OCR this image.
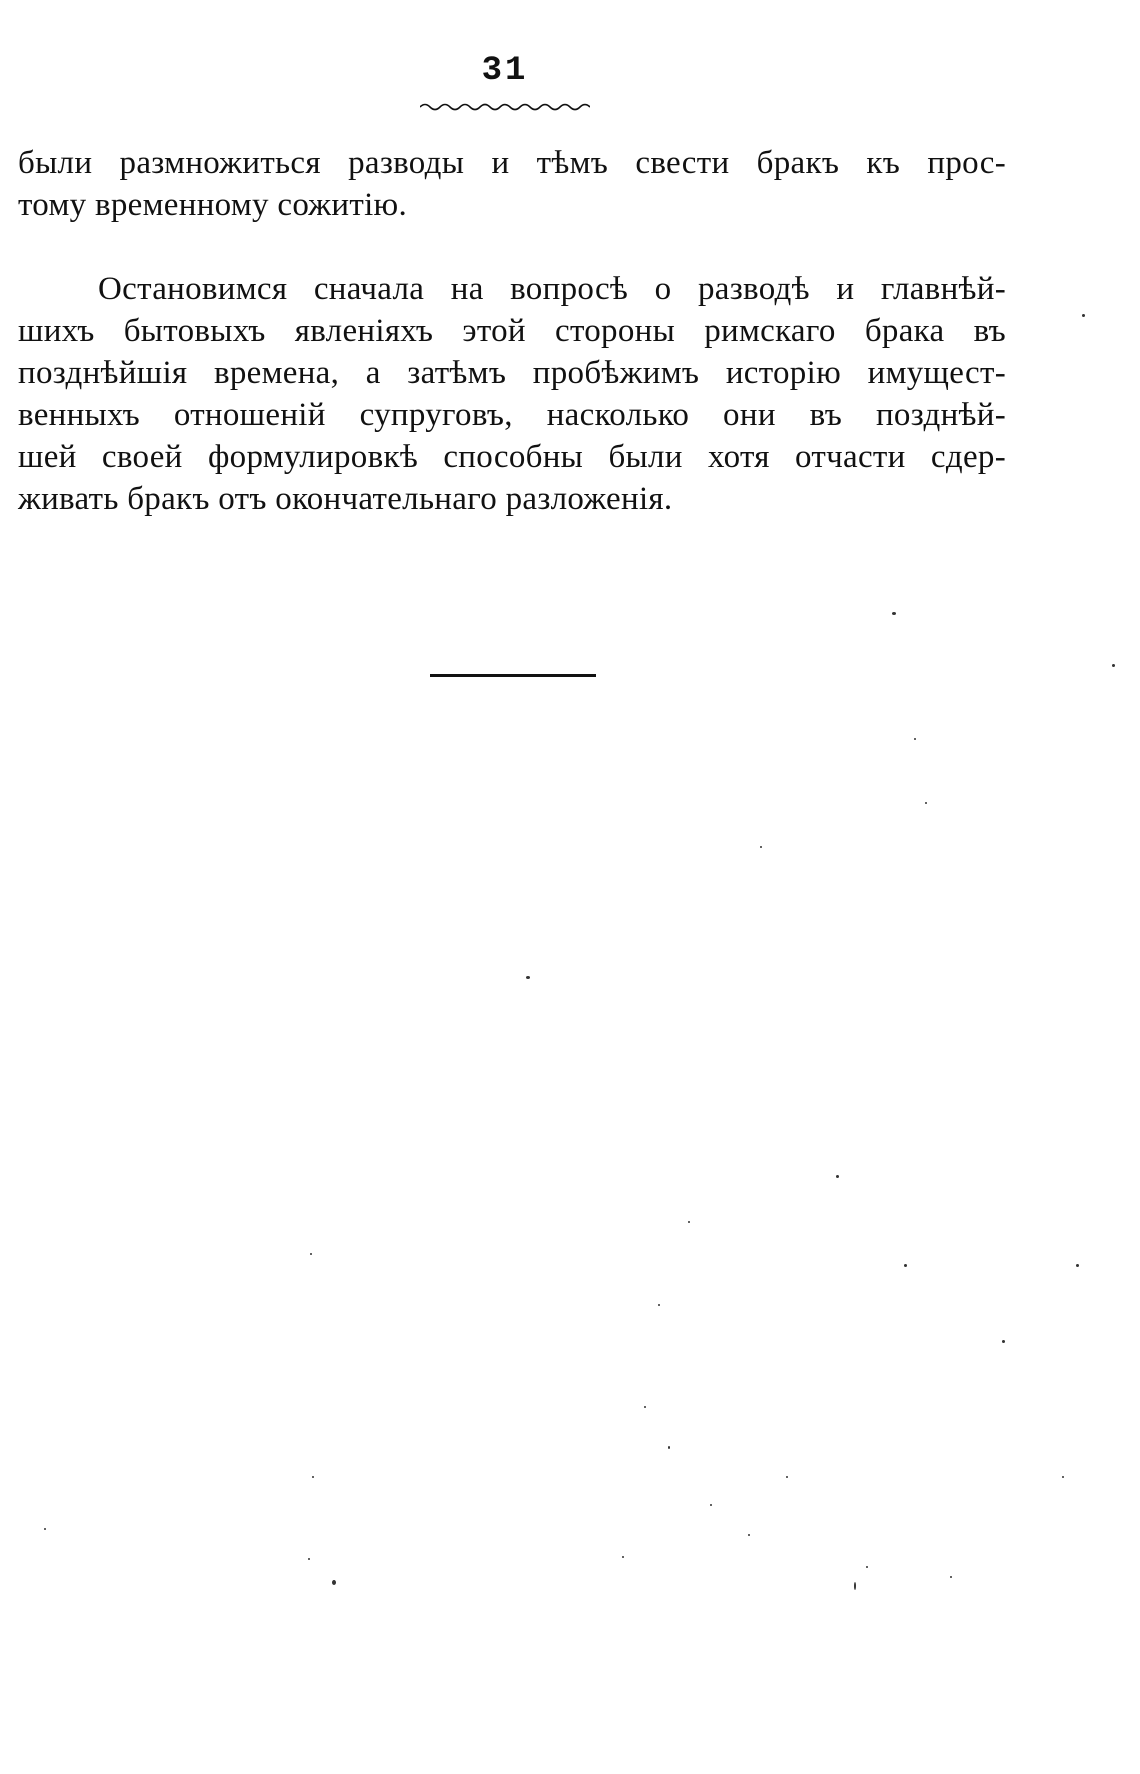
31
были размножиться разводы и тѣмъ свести бракъ къ прос-
тому временному сожитію.
Остановимся сначала на вопросѣ о разводѣ и главнѣй-
шихъ бытовыхъ явленіяхъ этой стороны римскаго брака въ
позднѣйшія времена, а затѣмъ пробѣжимъ исторію имущест-
венныхъ отношеній супруговъ, насколько они въ позднѣй-
шей своей формулировкѣ способны были хотя отчасти сдер-
живать бракъ отъ окончательнаго разложенія.
